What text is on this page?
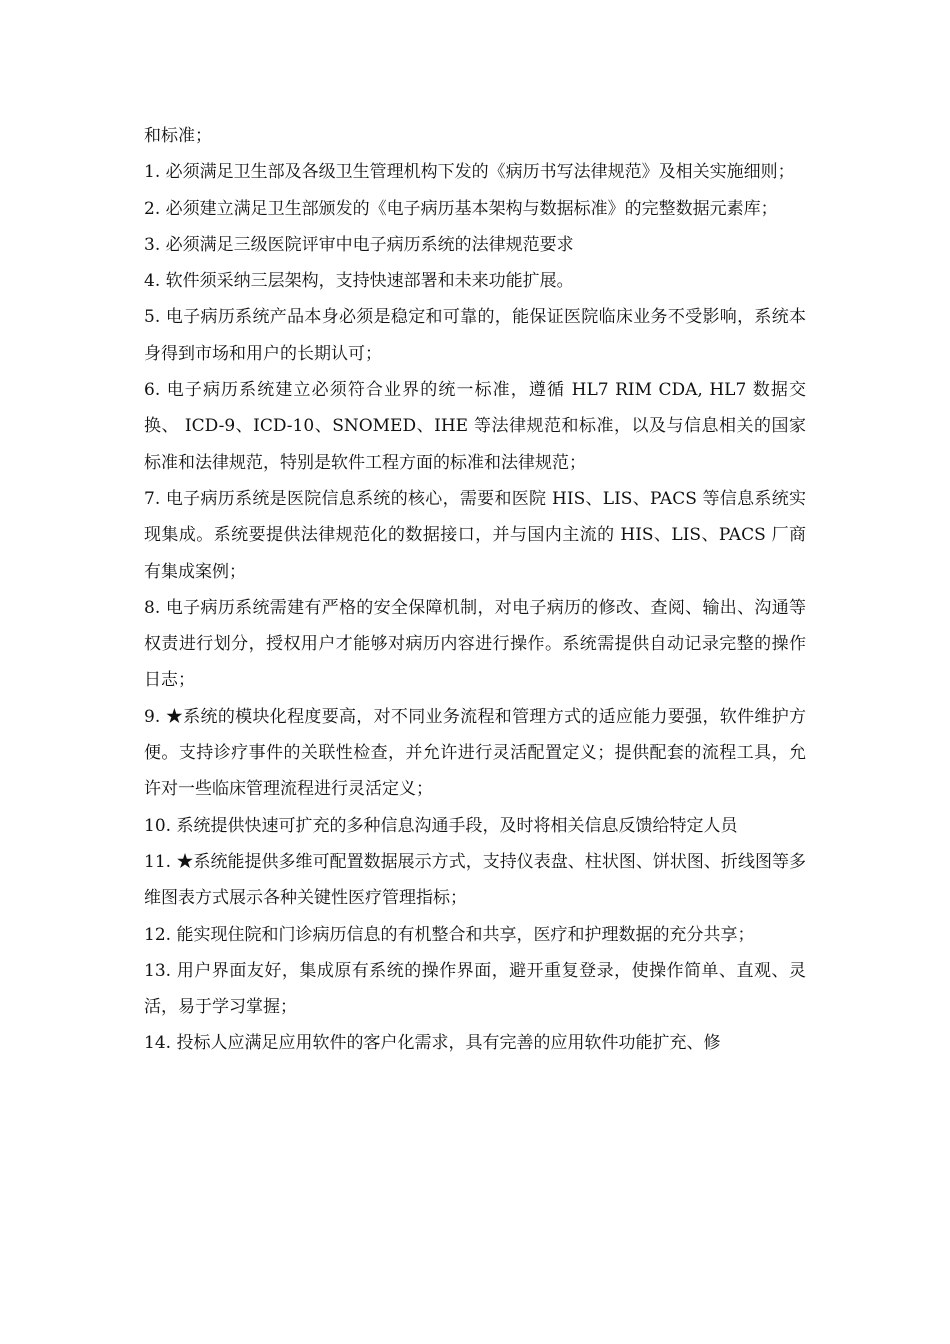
和标准；

1. 必须满足卫生部及各级卫生管理机构下发的《病历书写法律规范》及相关实施细则；

2. 必须建立满足卫生部颁发的《电子病历基本架构与数据标准》的完整数据元素库；

3. 必须满足三级医院评审中电子病历系统的法律规范要求

4. 软件须采纳三层架构，支持快速部署和未来功能扩展。

5. 电子病历系统产品本身必须是稳定和可靠的，能保证医院临床业务不受影响，系统本身得到市场和用户的长期认可；

6. 电子病历系统建立必须符合业界的统一标准，遵循 HL7 RIM CDA, HL7 数据交换、 ICD-9、ICD-10、SNOMED、IHE 等法律规范和标准，以及与信息相关的国家标准和法律规范，特别是软件工程方面的标准和法律规范；

7. 电子病历系统是医院信息系统的核心，需要和医院 HIS、LIS、PACS 等信息系统实现集成。系统要提供法律规范化的数据接口，并与国内主流的 HIS、LIS、PACS 厂商有集成案例；

8. 电子病历系统需建有严格的安全保障机制，对电子病历的修改、查阅、输出、沟通等权责进行划分，授权用户才能够对病历内容进行操作。系统需提供自动记录完整的操作日志；

9. ★系统的模块化程度要高，对不同业务流程和管理方式的适应能力要强，软件维护方便。支持诊疗事件的关联性检查，并允许进行灵活配置定义；提供配套的流程工具，允许对一些临床管理流程进行灵活定义；

10. 系统提供快速可扩充的多种信息沟通手段，及时将相关信息反馈给特定人员

11. ★系统能提供多维可配置数据展示方式，支持仪表盘、柱状图、饼状图、折线图等多维图表方式展示各种关键性医疗管理指标；

12. 能实现住院和门诊病历信息的有机整合和共享，医疗和护理数据的充分共享；

13. 用户界面友好，集成原有系统的操作界面，避开重复登录，使操作简单、直观、灵活，易于学习掌握；

14. 投标人应满足应用软件的客户化需求，具有完善的应用软件功能扩充、修
